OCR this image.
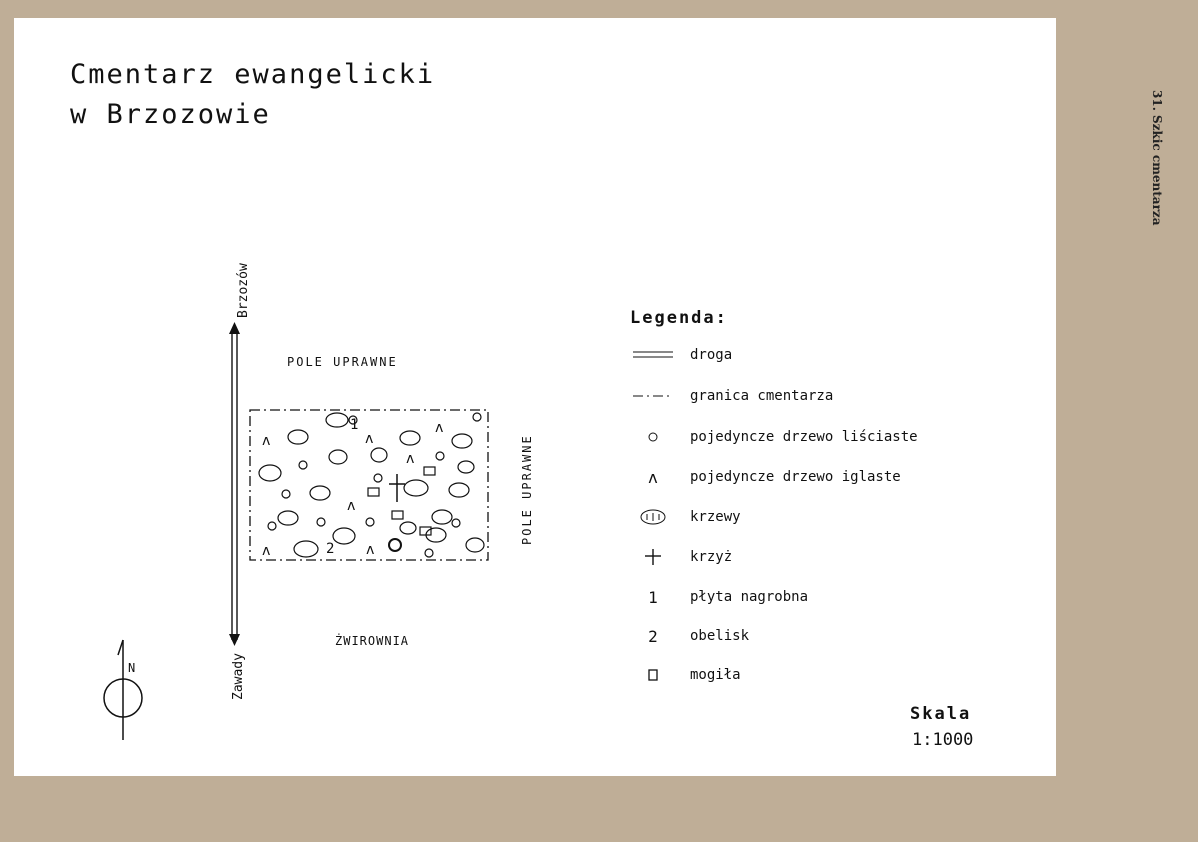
Cmentarz ewangelicki
w Brzozowie	31. Szkic cmentarza
Brzozów
Zawady
POLE UPRAWNE
POLE UPRAWNE
ŻWIROWNIA
ʌ	ʌ
ʌ
ʌ
ʌ
ʌ	ʌ
1
2
N
Legenda:
droga
granica cmentarza
pojedyncze drzewo liściaste
ʌ	pojedyncze drzewo iglaste
krzewy
krzyż
1	płyta nagrobna
2	obelisk
mogiła
Skala
1:1000
